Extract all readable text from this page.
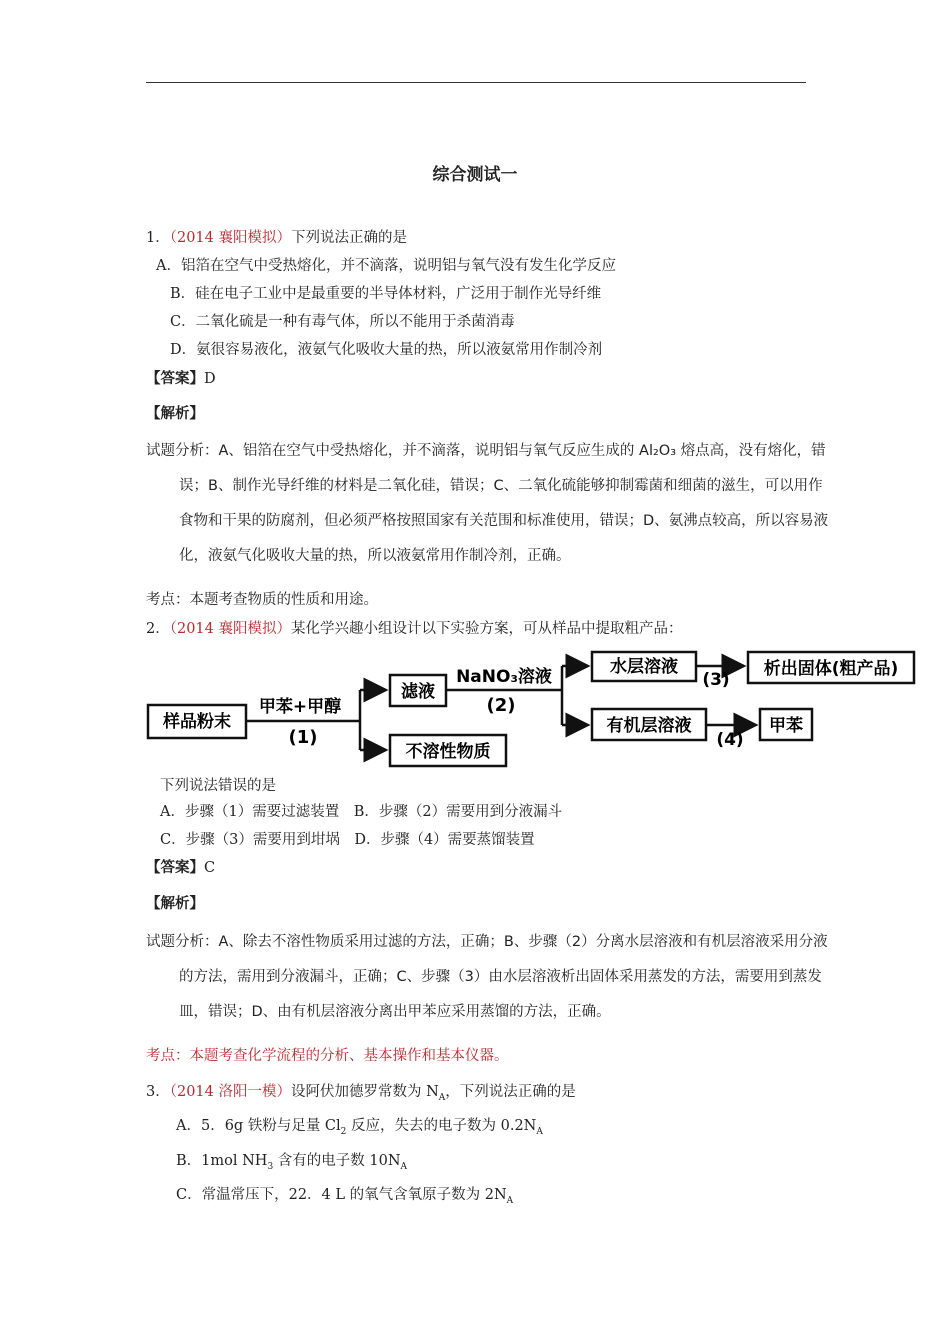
综合测试一
1．（2014 襄阳模拟）下列说法正确的是
A．铝箔在空气中受热熔化，并不滴落，说明铝与氧气没有发生化学反应
B．硅在电子工业中是最重要的半导体材料，广泛用于制作光导纤维
C．二氧化硫是一种有毒气体，所以不能用于杀菌消毒
D．氨很容易液化，液氨气化吸收大量的热，所以液氨常用作制冷剂
【答案】D
【解析】
试题分析：A、铝箔在空气中受热熔化，并不滴落，说明铝与氧气反应生成的 Al₂O₃ 熔点高，没有熔化，错
误；B、制作光导纤维的材料是二氧化硅，错误；C、二氧化硫能够抑制霉菌和细菌的滋生，可以用作
食物和干果的防腐剂，但必须严格按照国家有关范围和标准使用，错误；D、氨沸点较高，所以容易液
化，液氨气化吸收大量的热，所以液氨常用作制冷剂，正确。
考点：本题考查物质的性质和用途。
2．（2014 襄阳模拟）某化学兴趣小组设计以下实验方案，可从样品中提取粗产品：
样品粉末
甲苯+甲醇
(1)
滤液
不溶性物质
NaNO₃溶液
(2)
水层溶液
有机层溶液
(3)
(4)
析出固体(粗产品)
甲苯
下列说法错误的是
A．步骤（1）需要过滤装置　B．步骤（2）需要用到分液漏斗
C．步骤（3）需要用到坩埚　D．步骤（4）需要蒸馏装置
【答案】C
【解析】
试题分析：A、除去不溶性物质采用过滤的方法，正确；B、步骤（2）分离水层溶液和有机层溶液采用分液
的方法，需用到分液漏斗，正确；C、步骤（3）由水层溶液析出固体采用蒸发的方法，需要用到蒸发
皿，错误；D、由有机层溶液分离出甲苯应采用蒸馏的方法，正确。
考点：本题考查化学流程的分析、基本操作和基本仪器。
3．（2014 洛阳一模）设阿伏加德罗常数为 $N_A$，下列说法正确的是
A．5．6g 铁粉与足量 $Cl_2$ 反应，失去的电子数为 $0.2N_A$
B．1mol $NH_3$ 含有的电子数 $10N_A$
C．常温常压下，22．4 L 的氧气含氧原子数为 $2N_A$
